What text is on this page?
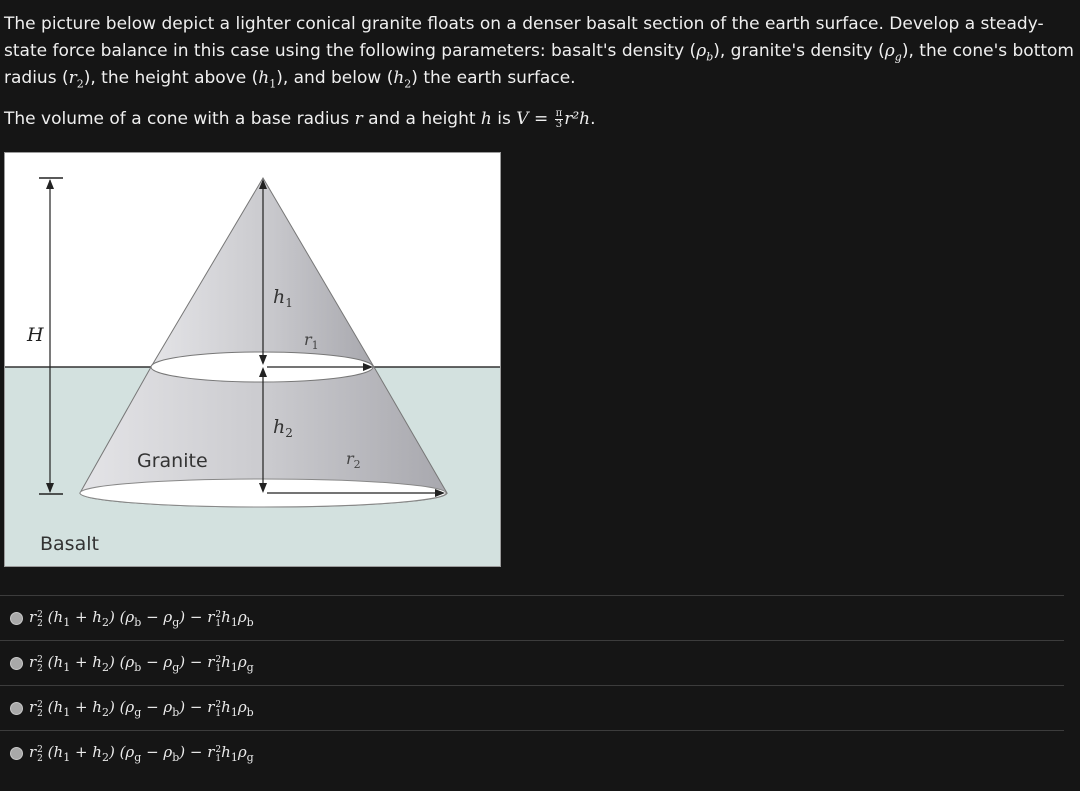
The picture below depict a lighter conical granite floats on a denser basalt section of the earth surface. Develop a steady-state force balance in this case using the following parameters: basalt's density $(\rho_b)$, granite's density $(\rho_g)$, the cone's bottom radius $(r_2)$, the height above $(h_1)$, and below $(h_2)$ the earth surface.

The volume of a cone with a base radius r and a height h is $V = \frac{\pi}{3} r^2h$.

H
$h_1$
$r_1$
$h_2$
$r_2$
Granite
Basalt
r 2
2 $(h_1 + h_2) (\rho_b - \rho_g) - r$ 2
1 $h_1\rho_b$
r 2
2 $(h_1 + h_2) (\rho_b - \rho_g) - r$ 2
1 $h_1\rho_g$
r 2
2 $(h_1 + h_2) (\rho_g - \rho_b) - r$ 2
1 $h_1\rho_b$
r 2
2 $(h_1 + h_2) (\rho_g - \rho_b) - r$ 2
1 $h_1\rho_g$
